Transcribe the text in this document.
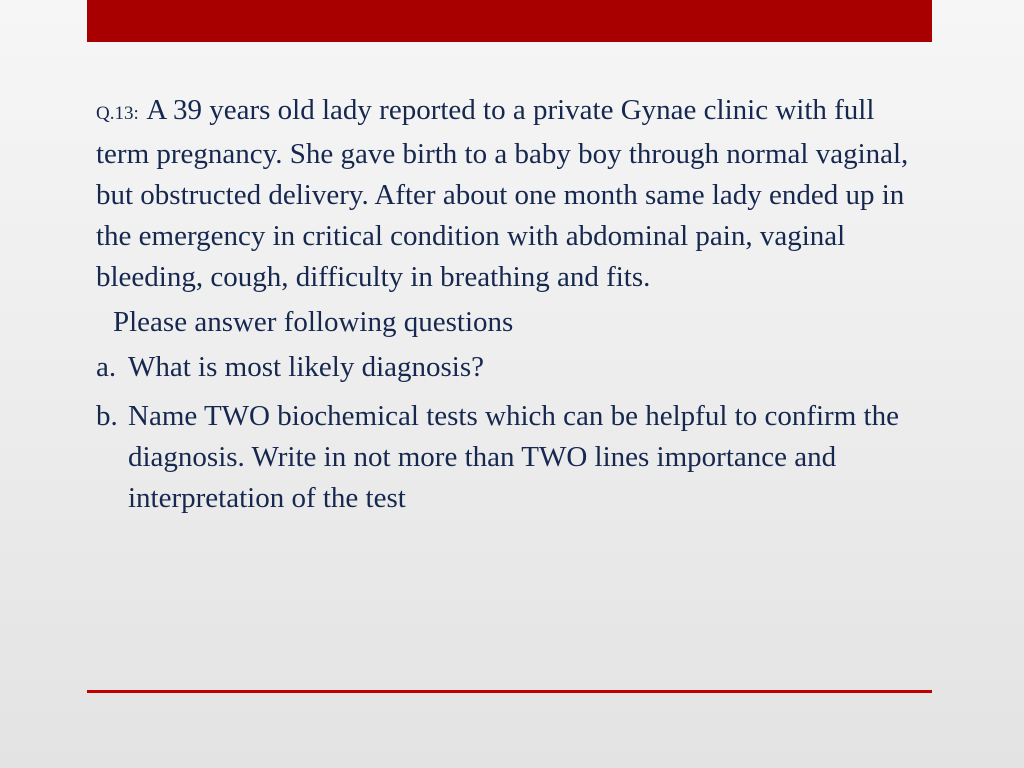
Q.13: A 39 years old lady reported to a private Gynae clinic with full term pregnancy. She gave birth to a baby boy through normal vaginal, but obstructed delivery. After about one month same lady ended up in the emergency in critical condition with abdominal pain, vaginal bleeding, cough, difficulty in breathing and fits.

Please answer following questions

a. What is most likely diagnosis?
b. Name TWO biochemical tests which can be helpful to confirm the diagnosis. Write in not more than TWO lines importance and interpretation of the test
